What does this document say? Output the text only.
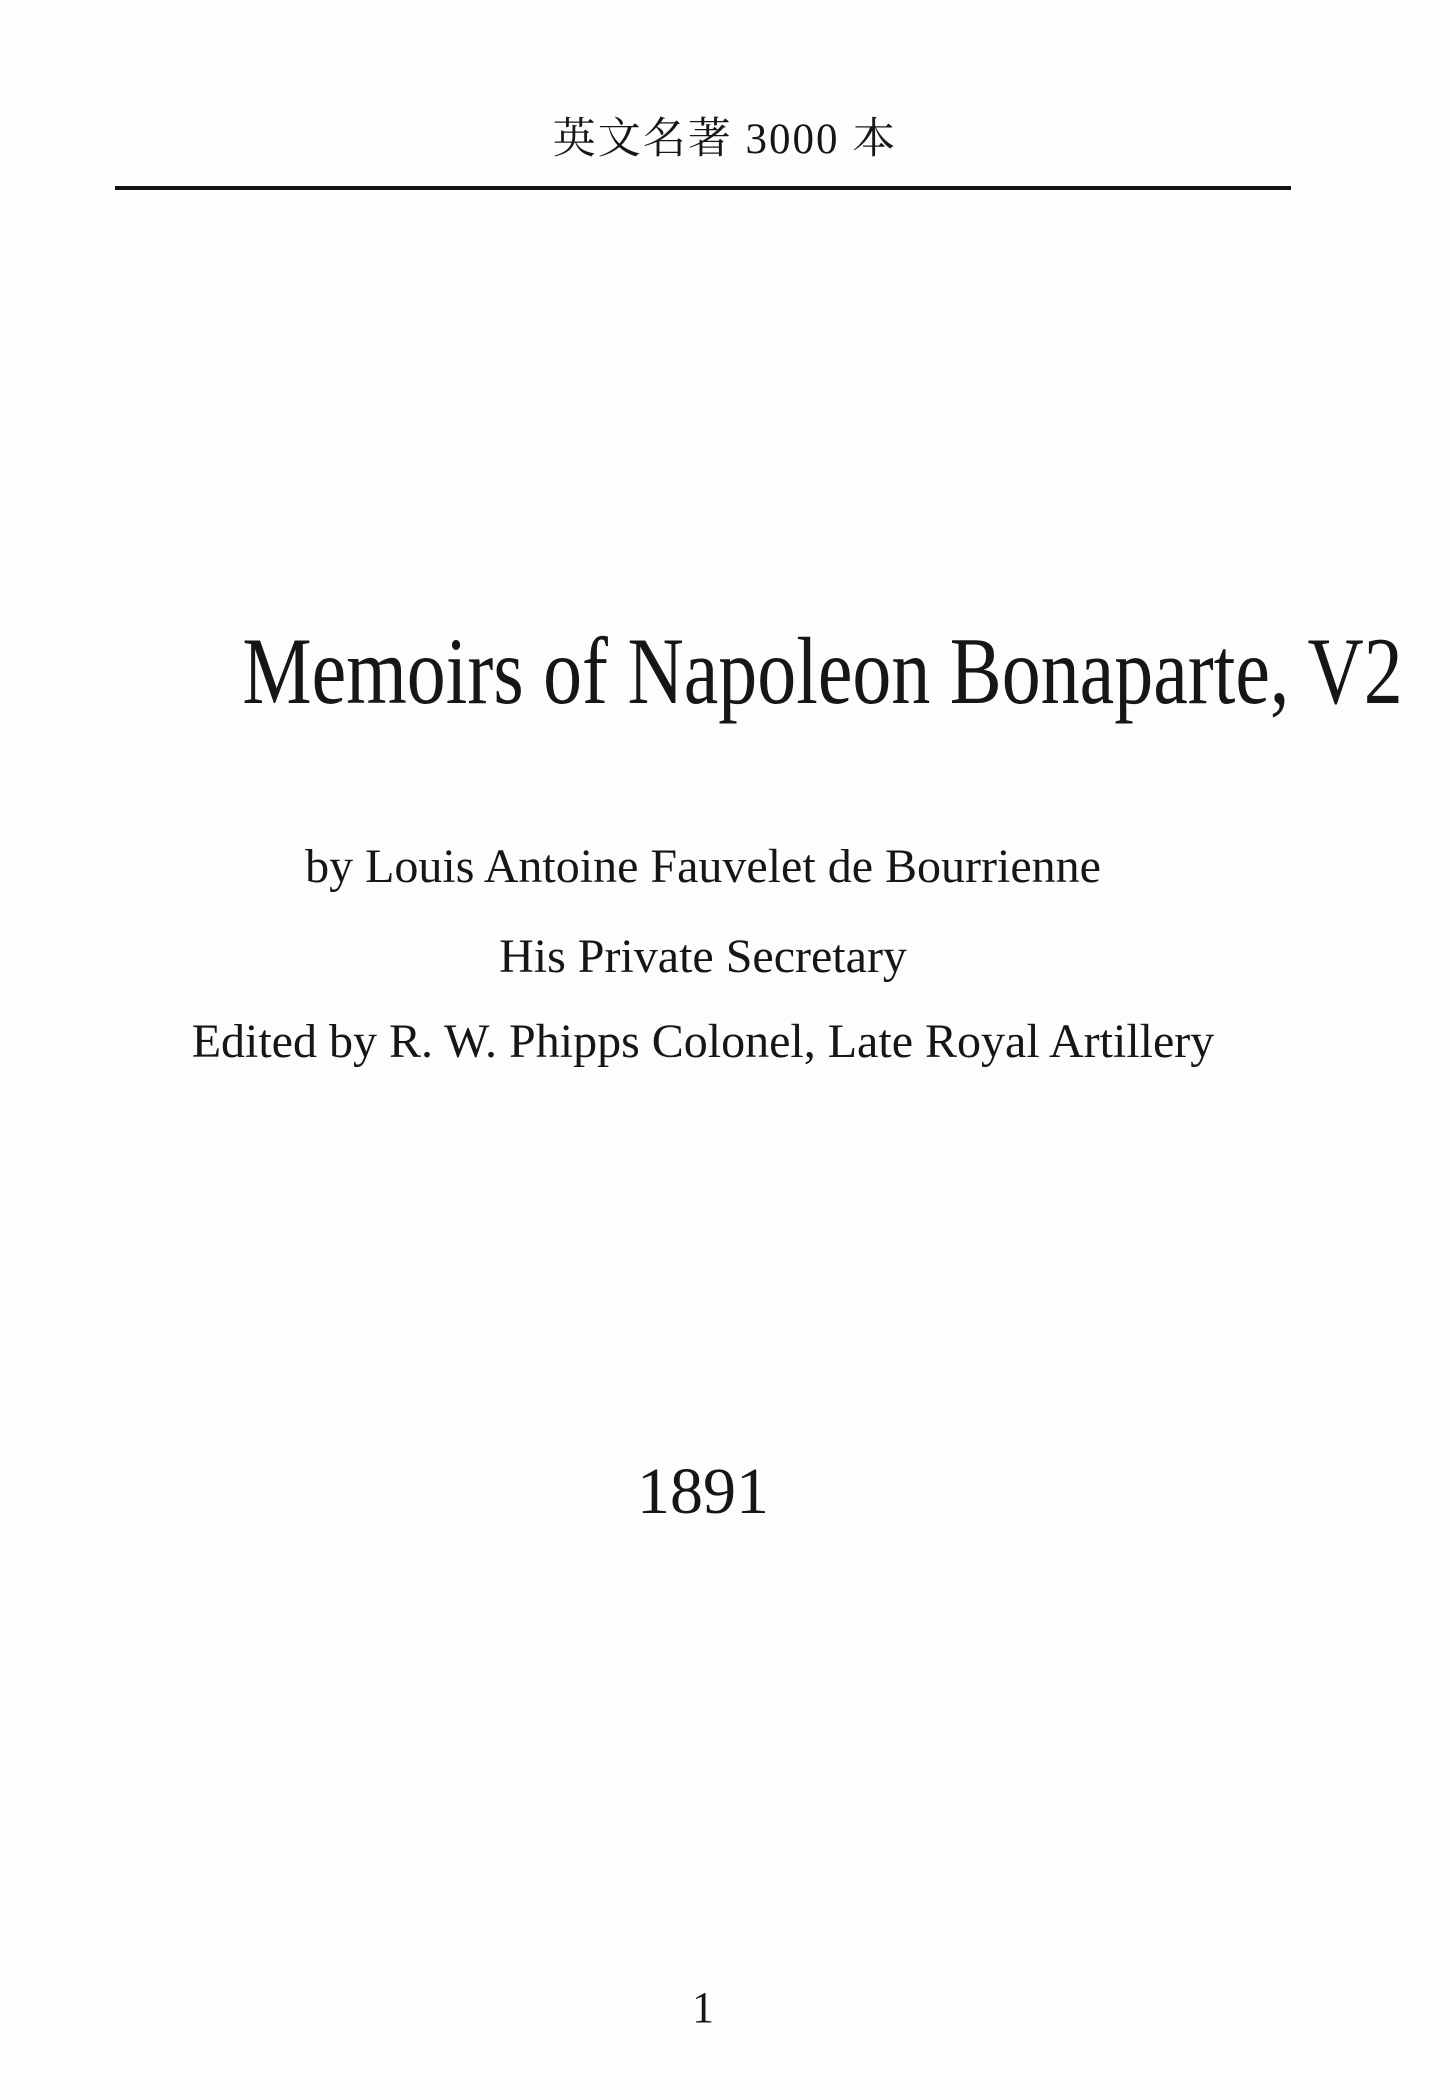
英文名著 3000 本
Memoirs of Napoleon Bonaparte, V2
by Louis Antoine Fauvelet de Bourrienne
His Private Secretary
Edited by R. W. Phipps Colonel, Late Royal Artillery
1891
1
